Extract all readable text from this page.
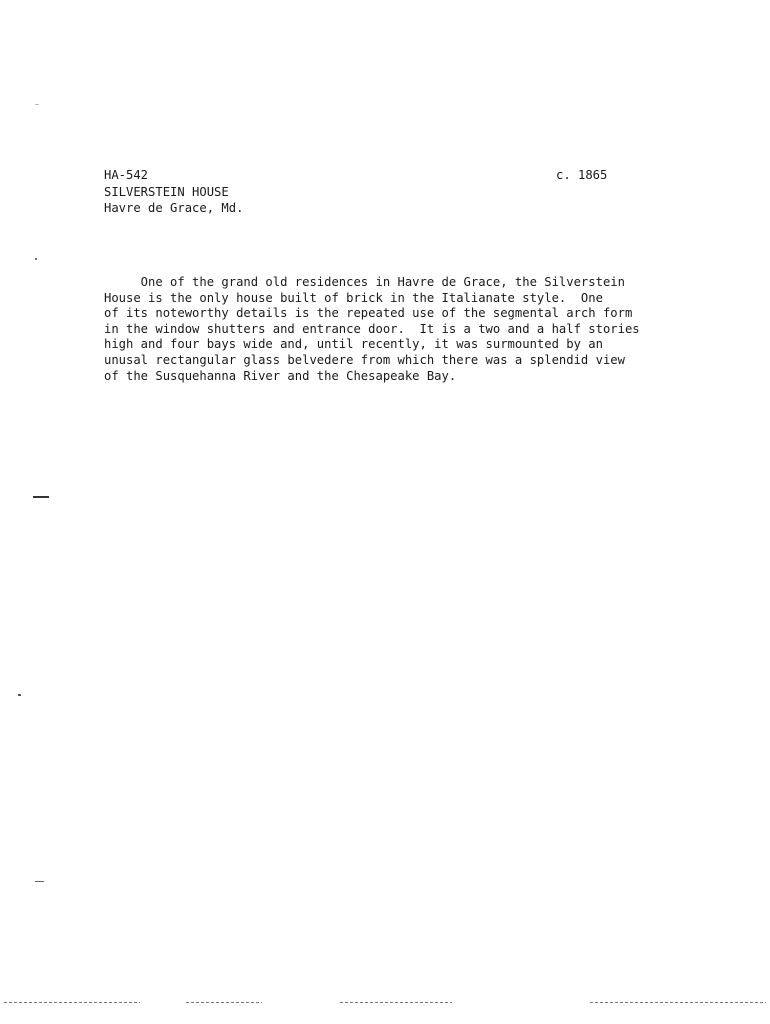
HA-542
SILVERSTEIN HOUSE
Havre de Grace, Md.
c. 1865
One of the grand old residences in Havre de Grace, the Silverstein
House is the only house built of brick in the Italianate style.  One
of its noteworthy details is the repeated use of the segmental arch form
in the window shutters and entrance door.  It is a two and a half stories
high and four bays wide and, until recently, it was surmounted by an
unusal rectangular glass belvedere from which there was a splendid view
of the Susquehanna River and the Chesapeake Bay.
